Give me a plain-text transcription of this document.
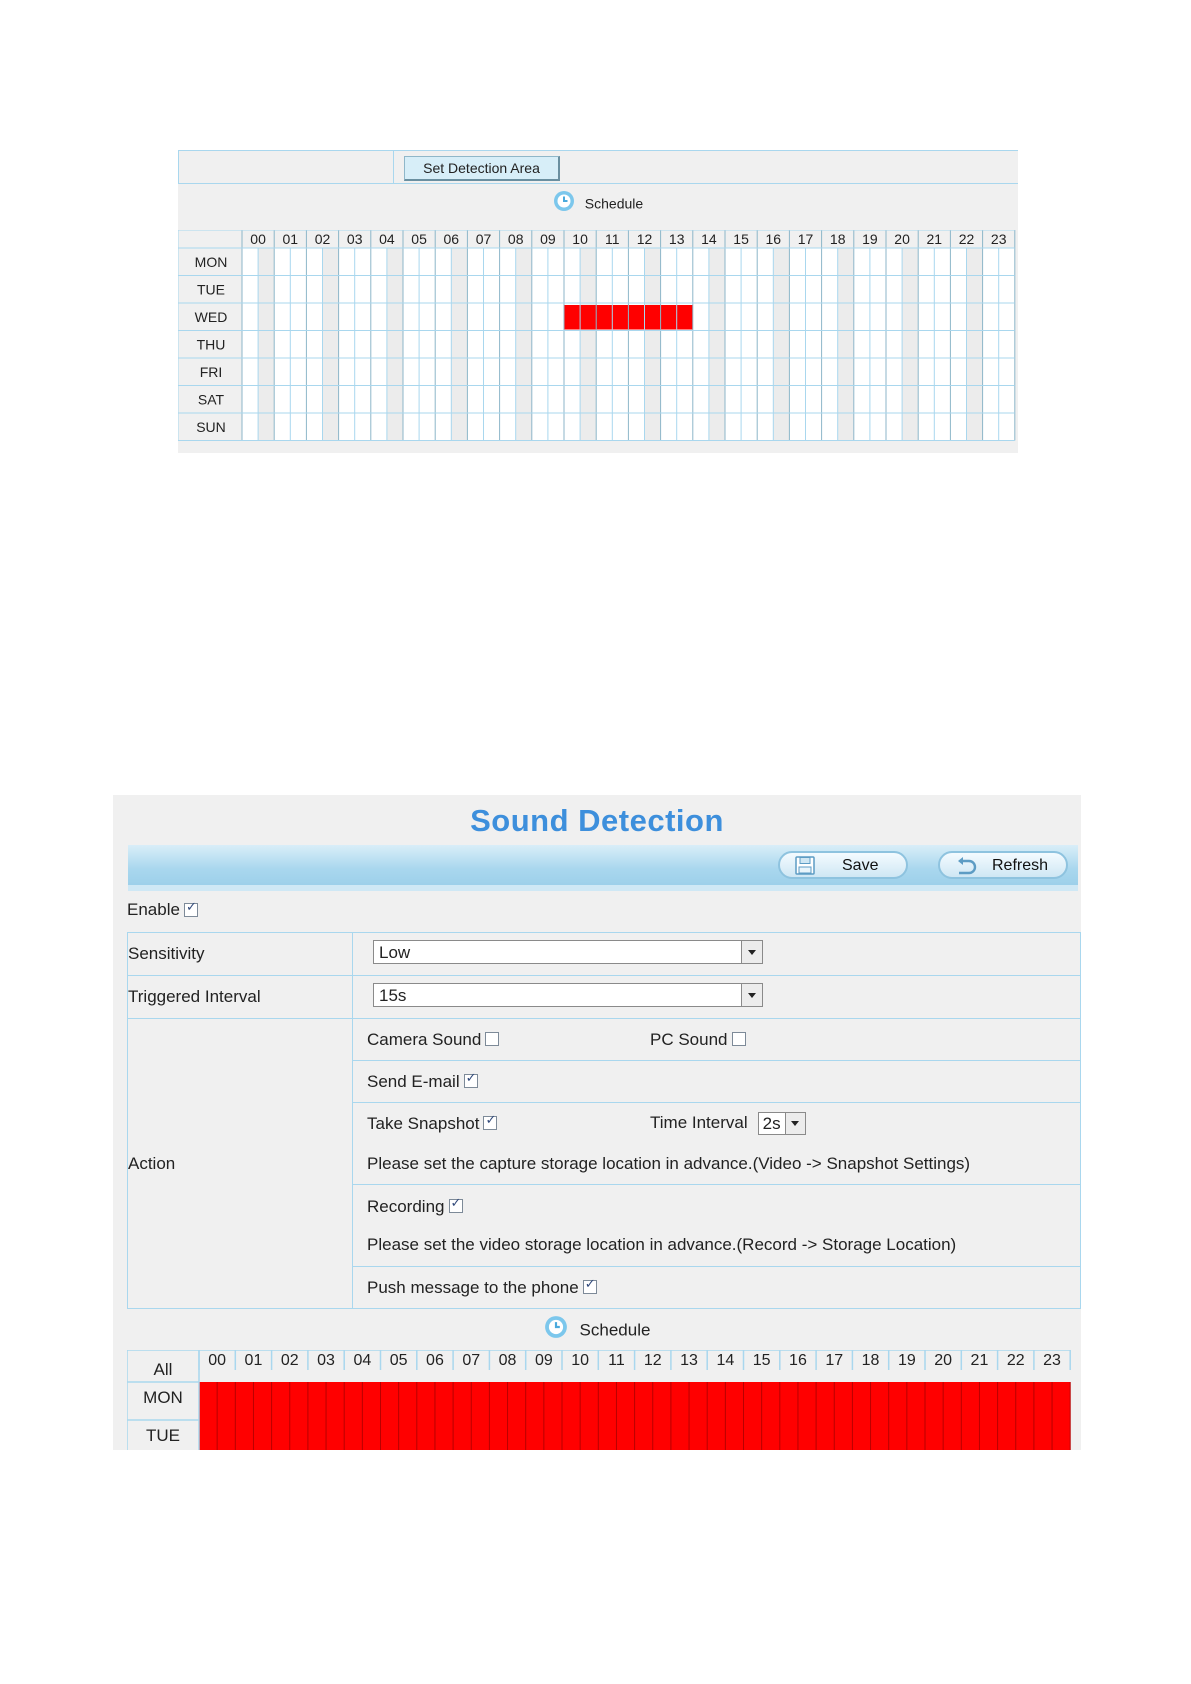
Set Detection Area
Schedule
00 01 02 03 04 05 06 07 08 09 10 11 12 13 14 15 16 17 18 19 20 21 22 23
MON
TUE
WED
THU
FRI
SAT
SUN
Sound Detection
Save	Refresh
Enable✓
Sensitivity	Low

Triggered Interval	15s

Action	Camera Sound PC Sound

	Send E-mail✓

	Take Snapshot ✓ Time Interval 2s
Please set the capture storage location in advance.(Video -> Snapshot Settings)

	Recording✓
Please set the video storage location in advance.(Record -> Storage Location)

	Push message to the phone✓
Schedule
00 01 02 03 04 05 06 07 08 09 10 11 12 13 14 15 16 17 18 19 20 21 22 23
All
MON
TUE
